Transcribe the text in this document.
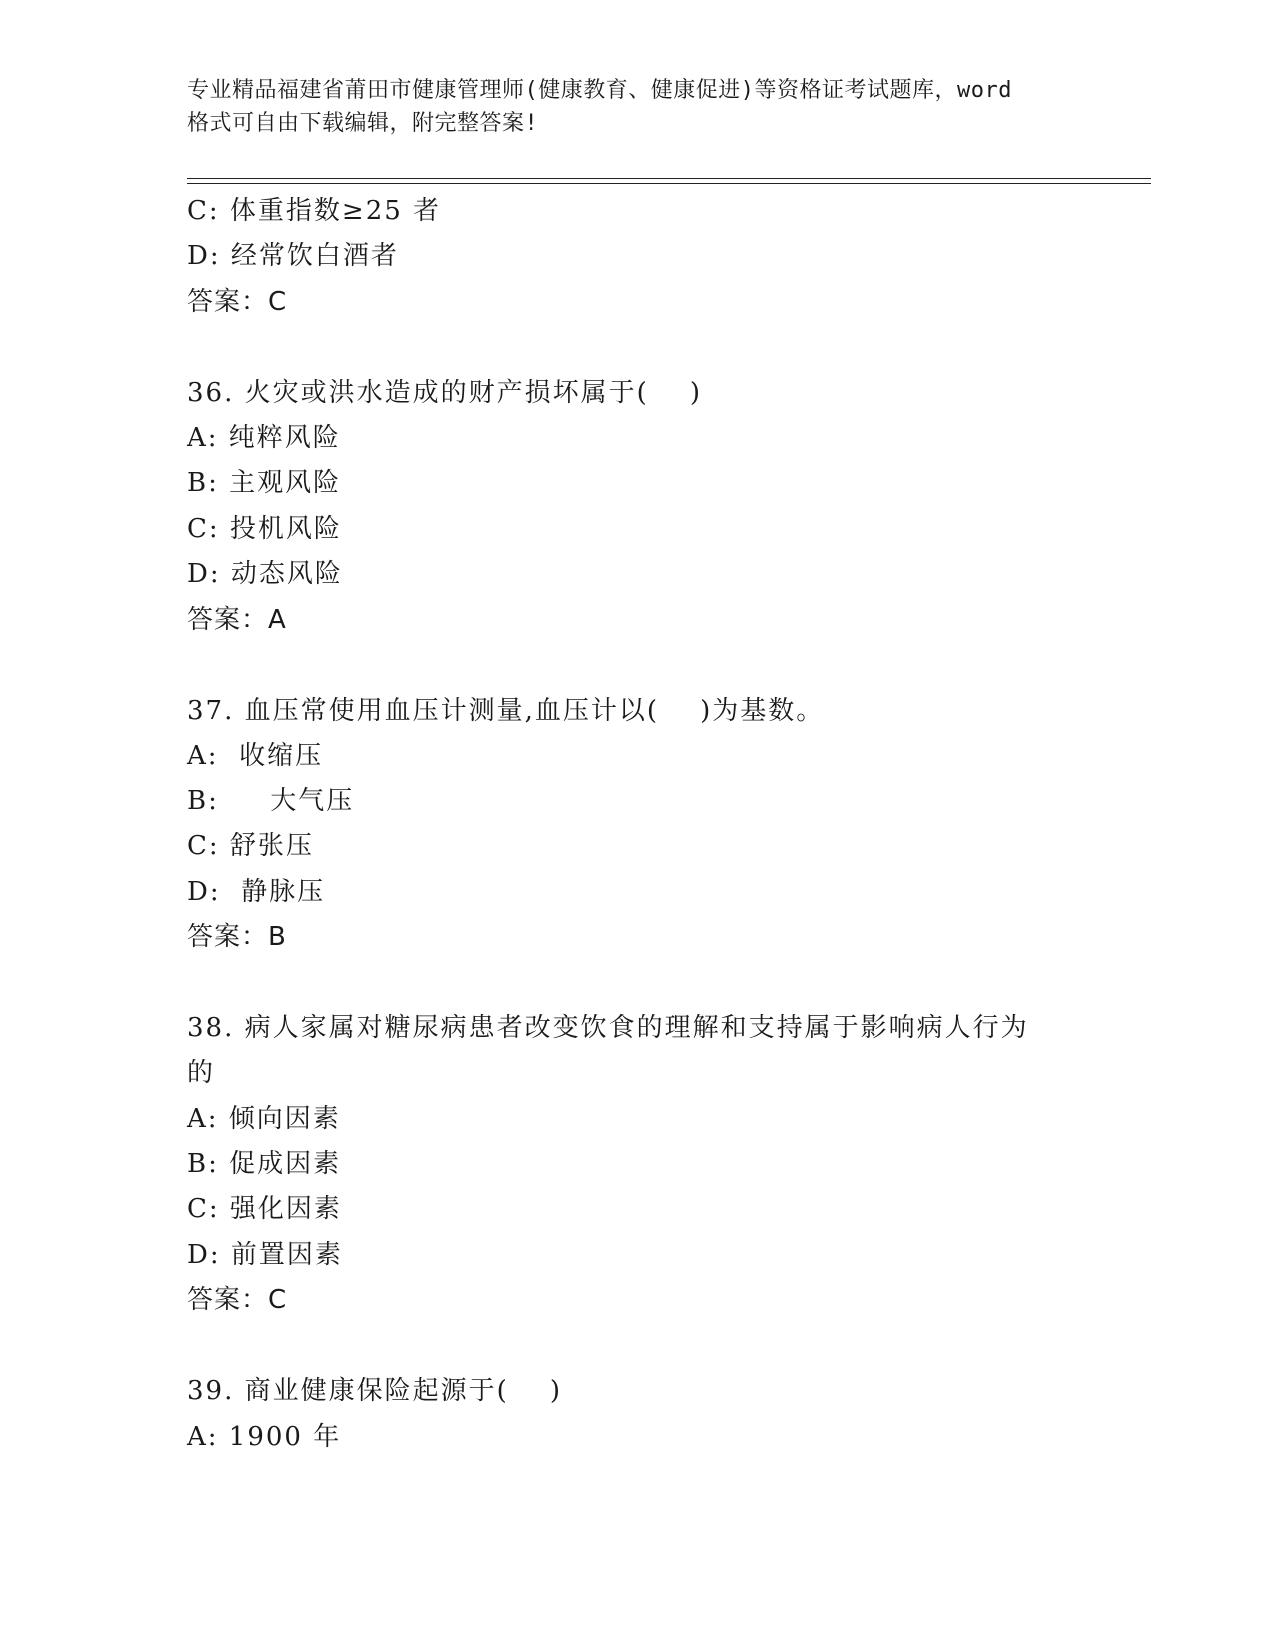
专业精品福建省莆田市健康管理师(健康教育、健康促进)等资格证考试题库，word
格式可自由下载编辑，附完整答案!
C: 体重指数≥25 者
D: 经常饮白酒者
答案：C
36. 火灾或洪水造成的财产损坏属于(    )
A: 纯粹风险
B: 主观风险
C: 投机风险
D: 动态风险
答案：A
37. 血压常使用血压计测量,血压计以(    )为基数。
A:  收缩压
B:     大气压
C: 舒张压
D:  静脉压
答案：B
38. 病人家属对糖尿病患者改变饮食的理解和支持属于影响病人行为
的
A: 倾向因素
B: 促成因素
C: 强化因素
D: 前置因素
答案：C
39. 商业健康保险起源于(    )
A: 1900 年
